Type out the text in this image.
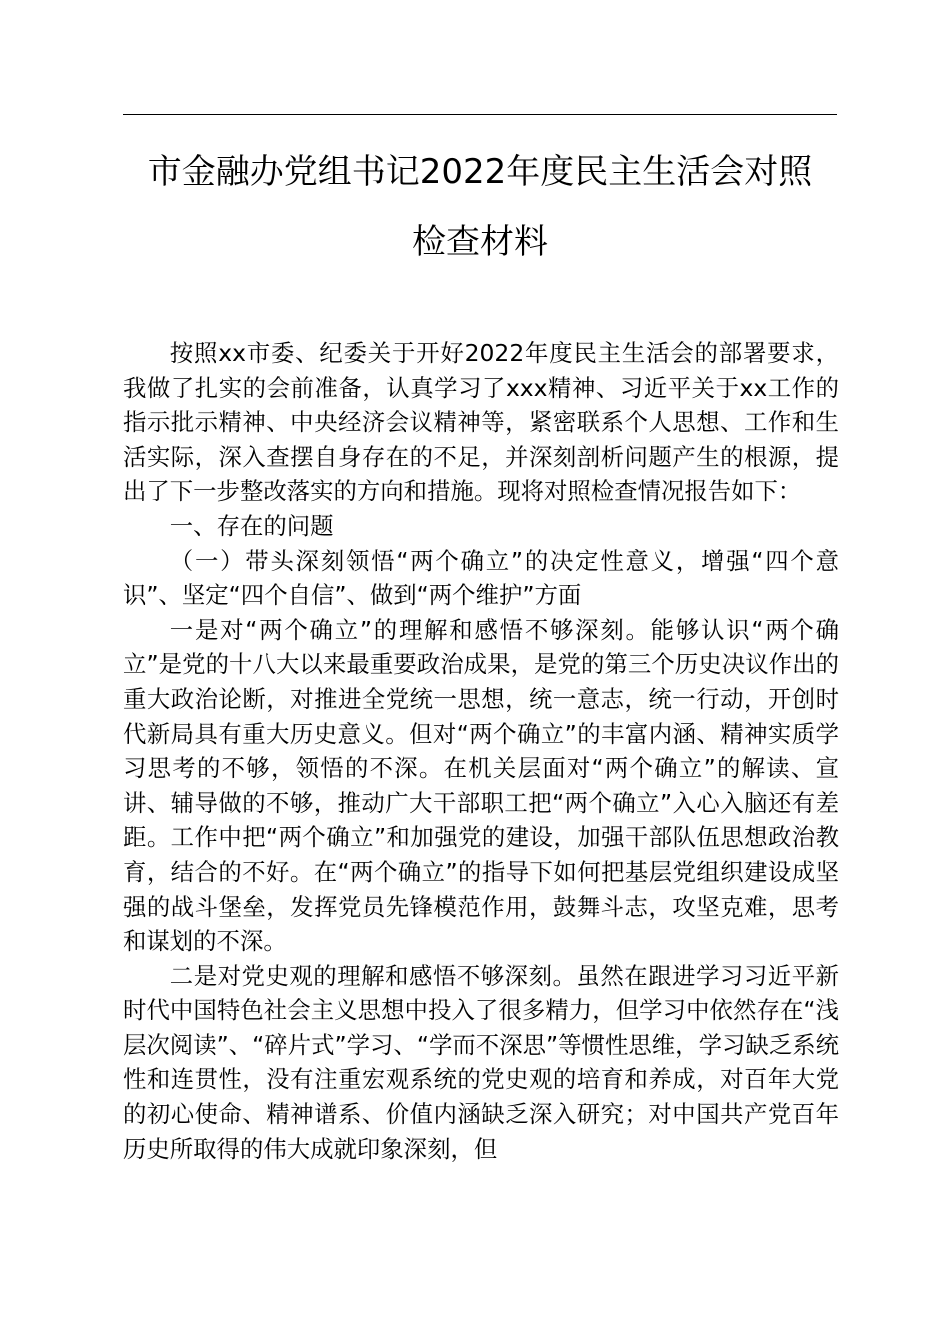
市金融办党组书记2022年度民主生活会对照
检查材料

按照xx市委、纪委关于开好2022年度民主生活会的部署要求，我做了扎实的会前准备，认真学习了xxx精神、习近平关于xx工作的指示批示精神、中央经济会议精神等，紧密联系个人思想、工作和生活实际，深入查摆自身存在的不足，并深刻剖析问题产生的根源，提出了下一步整改落实的方向和措施。现将对照检查情况报告如下：

一、存在的问题

（一）带头深刻领悟“两个确立”的决定性意义，增强“四个意识”、坚定“四个自信”、做到“两个维护”方面

一是对“两个确立”的理解和感悟不够深刻。能够认识“两个确立”是党的十八大以来最重要政治成果，是党的第三个历史决议作出的重大政治论断，对推进全党统一思想，统一意志，统一行动，开创时代新局具有重大历史意义。但对“两个确立”的丰富内涵、精神实质学习思考的不够，领悟的不深。在机关层面对“两个确立”的解读、宣讲、辅导做的不够，推动广大干部职工把“两个确立”入心入脑还有差距。工作中把“两个确立”和加强党的建设，加强干部队伍思想政治教育，结合的不好。在“两个确立”的指导下如何把基层党组织建设成坚强的战斗堡垒，发挥党员先锋模范作用，鼓舞斗志，攻坚克难，思考和谋划的不深。

二是对党史观的理解和感悟不够深刻。虽然在跟进学习习近平新时代中国特色社会主义思想中投入了很多精力，但学习中依然存在“浅层次阅读”、“碎片式”学习、“学而不深思”等惯性思维，学习缺乏系统性和连贯性，没有注重宏观系统的党史观的培育和养成，对百年大党的初心使命、精神谱系、价值内涵缺乏深入研究；对中国共产党百年历史所取得的伟大成就印象深刻，但
